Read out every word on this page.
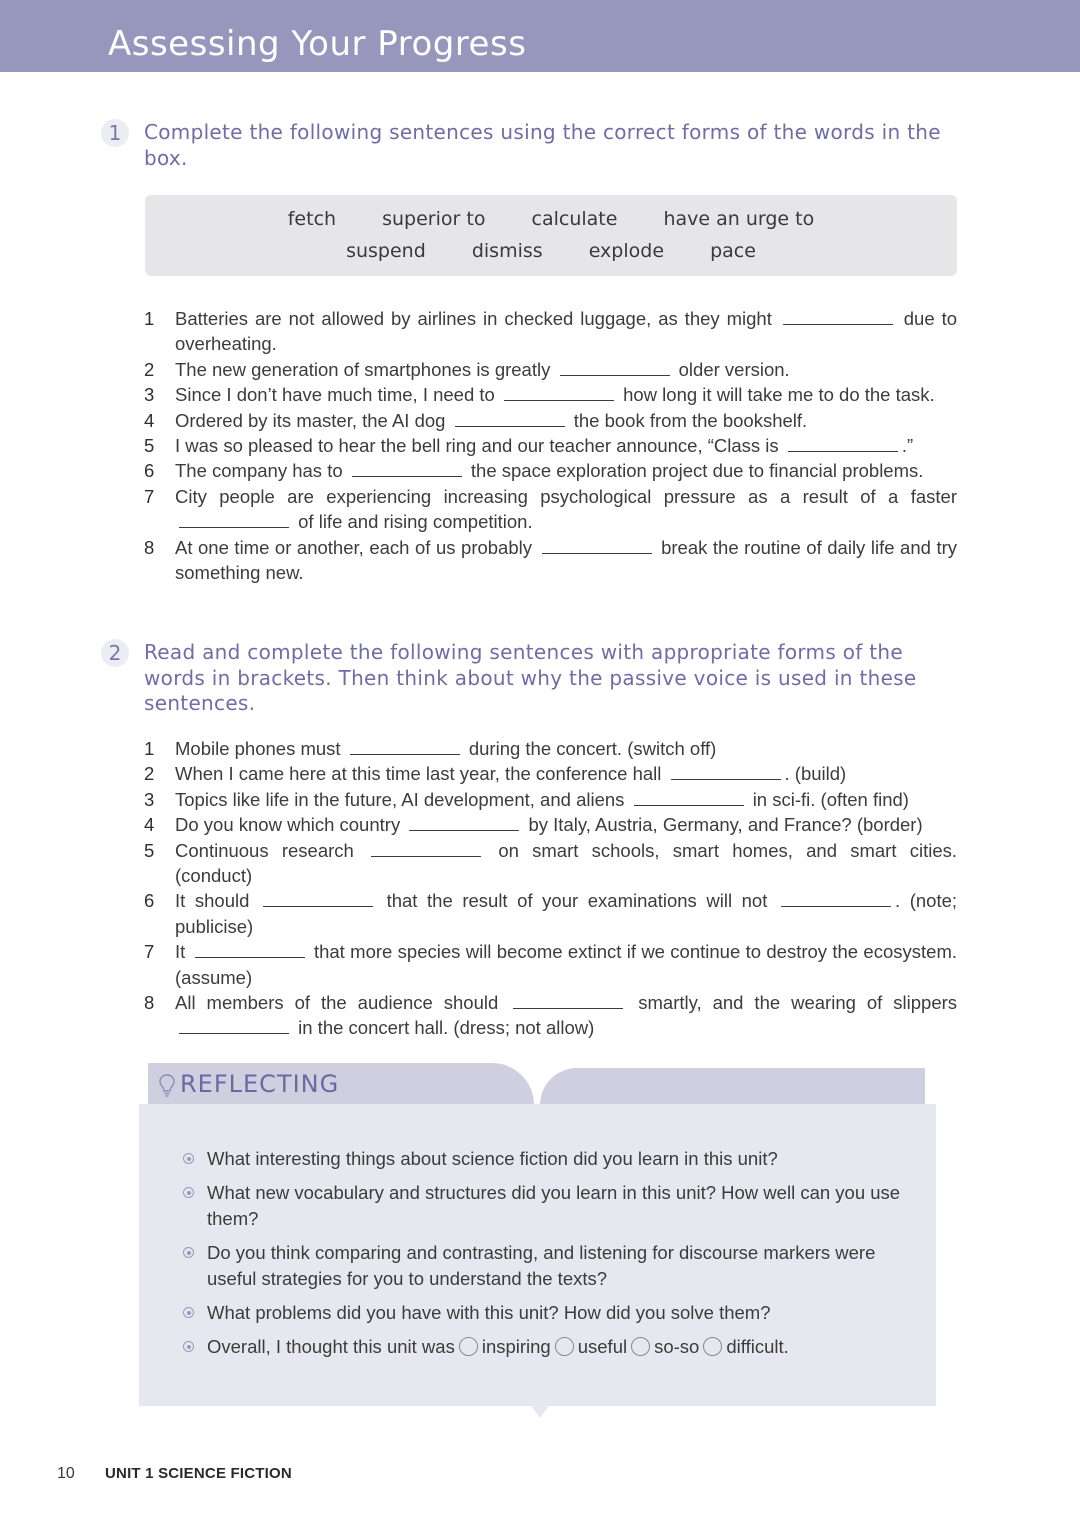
Assessing Your Progress
1	Complete the following sentences using the correct forms of the words in the box.
fetch superior to calculate have an urge to
suspend dismiss explode pace
1 Batteries are not allowed by airlines in checked luggage, as they might	due to overheating.
2 The new generation of smartphones is greatly	older version.
3 Since I don’t have much time, I need to	how long it will take me to do the task.
4 Ordered by its master, the AI dog	the book from the bookshelf.
5 I was so pleased to hear the bell ring and our teacher announce, “Class is	.”
6 The company has to	the space exploration project due to financial problems.
7 City people are experiencing increasing psychological pressure as a result of a faster  of life and rising competition.
8 At one time or another, each of us probably	break the routine of daily life and try something new.
2	Read and complete the following sentences with appropriate forms of the words in brackets. Then think about why the passive voice is used in these sentences.
1 Mobile phones must	during the concert. (switch off)
2 When I came here at this time last year, the conference hall	. (build)
3 Topics like life in the future, AI development, and aliens	in sci-fi. (often find)
4 Do you know which country	by Italy, Austria, Germany, and France? (border)
5 Continuous research	on smart schools, smart homes, and smart cities. (conduct)
6 It should	that the result of your examinations will not	. (note; publicise)
7 It	that more species will become extinct if we continue to destroy the ecosystem. (assume)
8 All members of the audience should	smartly, and the wearing of slippers  in the concert hall. (dress; not allow)
REFLECTING
What interesting things about science fiction did you learn in this unit?
What new vocabulary and structures did you learn in this unit? How well can you use them?
Do you think comparing and contrasting, and listening for discourse markers were useful strategies for you to understand the texts?
What problems did you have with this unit? How did you solve them?
Overall, I thought this unit was inspiring useful so-so difficult.
10 UNIT 1 SCIENCE FICTION
